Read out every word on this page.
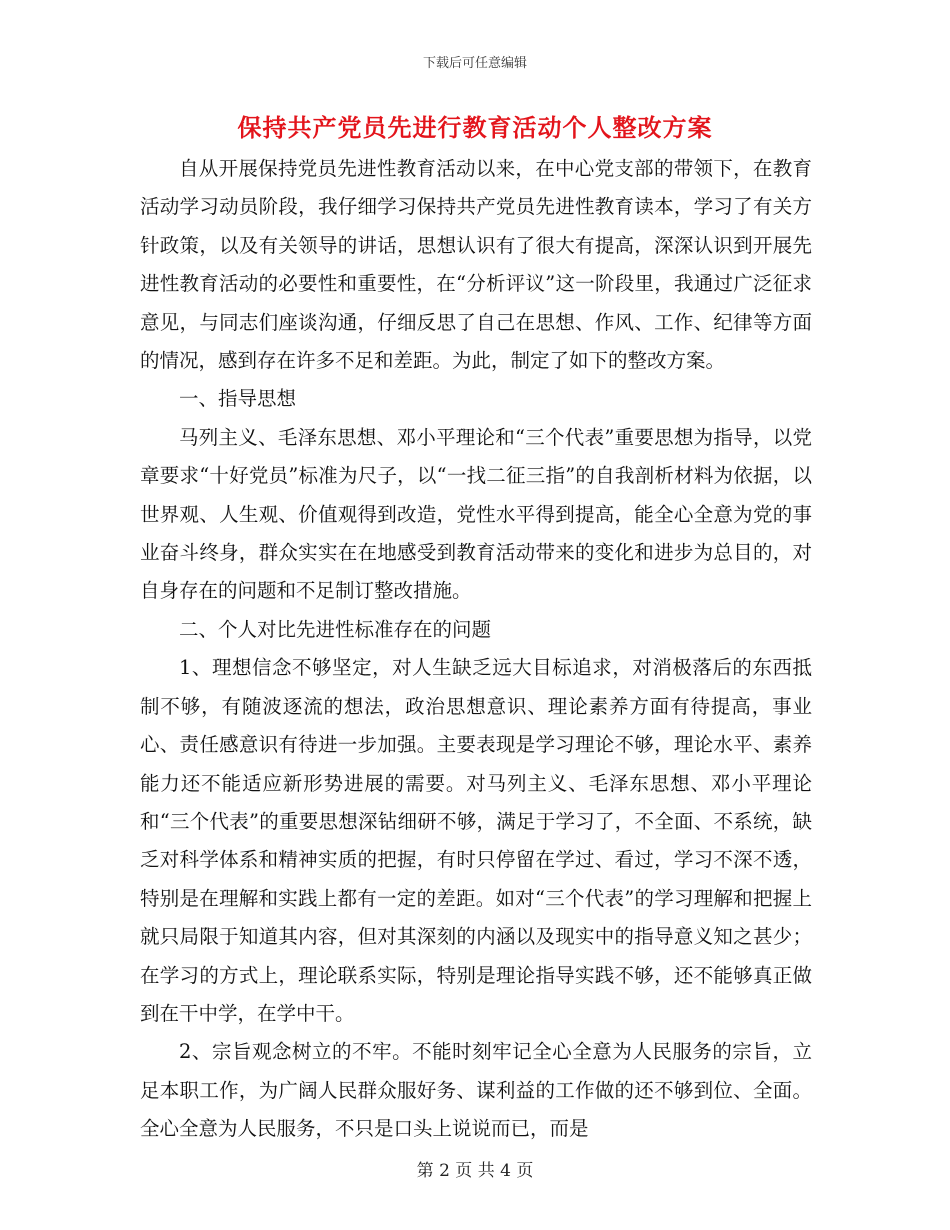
下载后可任意编辑
保持共产党员先进行教育活动个人整改方案

自从开展保持党员先进性教育活动以来，在中心党支部的带领下，在教育活动学习动员阶段，我仔细学习保持共产党员先进性教育读本，学习了有关方针政策，以及有关领导的讲话，思想认识有了很大有提高，深深认识到开展先进性教育活动的必要性和重要性，在“分析评议”这一阶段里，我通过广泛征求意见，与同志们座谈沟通，仔细反思了自己在思想、作风、工作、纪律等方面的情况，感到存在许多不足和差距。为此，制定了如下的整改方案。

一、指导思想

马列主义、毛泽东思想、邓小平理论和“三个代表”重要思想为指导，以党章要求“十好党员”标准为尺子，以“一找二征三指”的自我剖析材料为依据，以世界观、人生观、价值观得到改造，党性水平得到提高，能全心全意为党的事业奋斗终身，群众实实在在地感受到教育活动带来的变化和进步为总目的，对自身存在的问题和不足制订整改措施。

二、个人对比先进性标准存在的问题

1、理想信念不够坚定，对人生缺乏远大目标追求，对消极落后的东西抵制不够，有随波逐流的想法，政治思想意识、理论素养方面有待提高，事业心、责任感意识有待进一步加强。主要表现是学习理论不够，理论水平、素养能力还不能适应新形势进展的需要。对马列主义、毛泽东思想、邓小平理论和“三个代表”的重要思想深钻细研不够，满足于学习了，不全面、不系统，缺乏对科学体系和精神实质的把握，有时只停留在学过、看过，学习不深不透，特别是在理解和实践上都有一定的差距。如对“三个代表”的学习理解和把握上就只局限于知道其内容，但对其深刻的内涵以及现实中的指导意义知之甚少；在学习的方式上，理论联系实际，特别是理论指导实践不够，还不能够真正做到在干中学，在学中干。

2、宗旨观念树立的不牢。不能时刻牢记全心全意为人民服务的宗旨，立足本职工作，为广阔人民群众服好务、谋利益的工作做的还不够到位、全面。全心全意为人民服务，不只是口头上说说而已，而是

第 2 页 共 4 页
